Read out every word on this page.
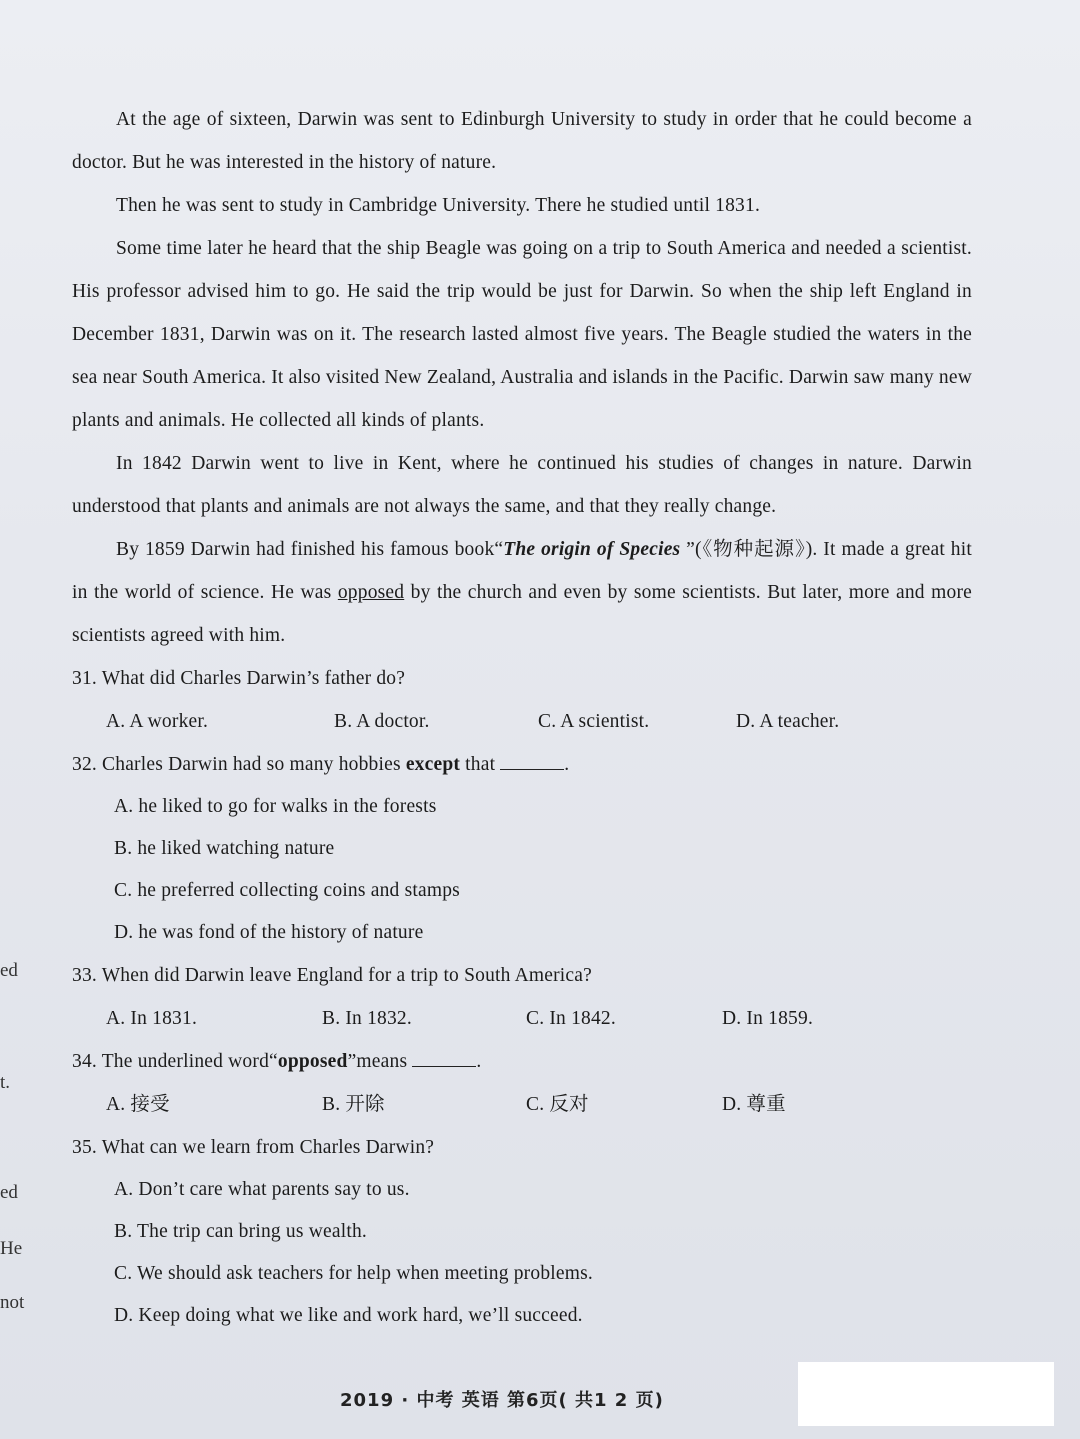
ed
t.
ed
He
not

At the age of sixteen, Darwin was sent to Edinburgh University to study in order that he could become a doctor. But he was interested in the history of nature.

Then he was sent to study in Cambridge University. There he studied until 1831.

Some time later he heard that the ship Beagle was going on a trip to South America and needed a scientist. His professor advised him to go. He said the trip would be just for Darwin. So when the ship left England in December 1831, Darwin was on it. The research lasted almost five years. The Beagle studied the waters in the sea near South America. It also visited New Zealand, Australia and islands in the Pacific. Darwin saw many new plants and animals. He collected all kinds of plants.

In 1842 Darwin went to live in Kent, where he continued his studies of changes in nature. Darwin understood that plants and animals are not always the same, and that they really change.

By 1859 Darwin had finished his famous book“The origin of Species ”(《物种起源》). It made a great hit in the world of science. He was opposed by the church and even by some scientists. But later, more and more scientists agreed with him.

31. What did Charles Darwin’s father do?

A. A worker.	B. A doctor.	C. A scientist.	D. A teacher.

32. Charles Darwin had so many hobbies except that	.

A. he liked to go for walks in the forests
B. he liked watching nature
C. he preferred collecting coins and stamps
D. he was fond of the history of nature

33. When did Darwin leave England for a trip to South America?

A. In 1831.	B. In 1832.	C. In 1842.	D. In 1859.

34. The underlined word“opposed”means	.

A. 接受	B. 开除	C. 反对	D. 尊重

35. What can we learn from Charles Darwin?

A. Don’t care what parents say to us.
B. The trip can bring us wealth.
C. We should ask teachers for help when meeting problems.
D. Keep doing what we like and work hard, we’ll succeed.
2019 · 中考 英语 第6页( 共1 2 页)
